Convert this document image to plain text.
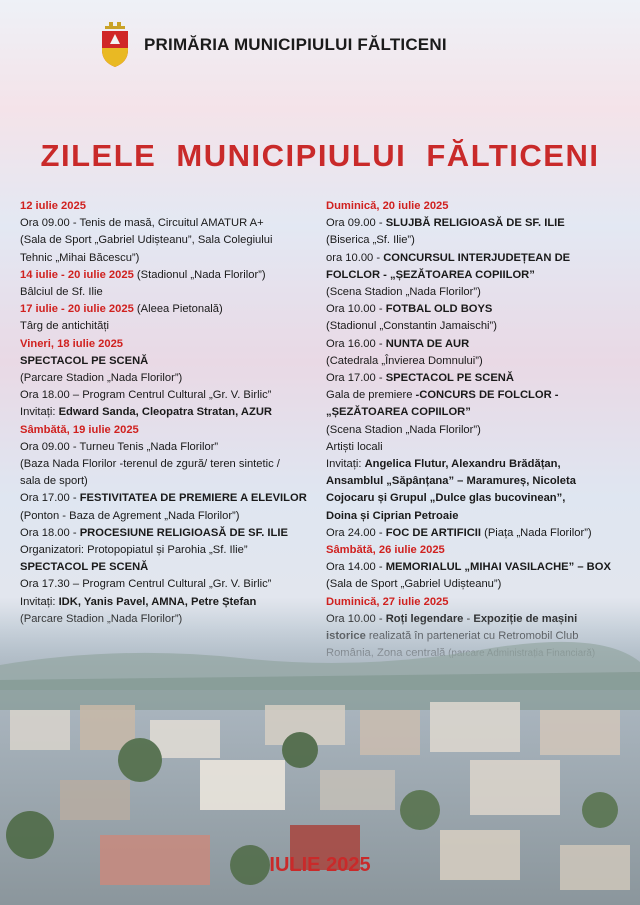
PRIMĂRIA MUNICIPIULUI FĂLTICENI
ZILELE MUNICIPIULUI FĂLTICENI
12 iulie 2025
Ora 09.00 - Tenis de masă, Circuitul AMATUR A+
(Sala de Sport „Gabriel Udișteanu”, Sala Colegiului
Tehnic „Mihai Băcescu”)
14 iulie - 20 iulie 2025 (Stadionul „Nada Florilor”)
Bâlciul de Sf. Ilie
17 iulie - 20 iulie 2025 (Aleea Pietonală)
Târg de antichități
Vineri, 18 iulie 2025
SPECTACOL PE SCENĂ
(Parcare Stadion „Nada Florilor”)
Ora 18.00 – Program Centrul Cultural „Gr. V. Birlic”
Invitați: Edward Sanda, Cleopatra Stratan, AZUR
Sâmbătă, 19 iulie 2025
Ora 09.00 - Turneu Tenis „Nada Florilor”
(Baza Nada Florilor -terenul de zgură/ teren sintetic /
sala de sport)
Ora 17.00 - FESTIVITATEA DE PREMIERE A ELEVILOR
(Ponton - Baza de Agrement „Nada Florilor”)
Ora 18.00 - PROCESIUNE RELIGIOASĂ DE SF. ILIE
Organizatori: Protopopiatul și Parohia „Sf. Ilie”
SPECTACOL PE SCENĂ
Ora 17.30 – Program Centrul Cultural „Gr. V. Birlic”
Invitați: IDK, Yanis Pavel, AMNA, Petre Ștefan
Duminică, 20 iulie 2025
Ora 09.00 - SLUJBĂ RELIGIOASĂ DE SF. ILIE
(Biserica „Sf. Ilie”)
ora 10.00 - CONCURSUL INTERJUDEȚEAN DE
FOLCLOR - „ȘEZĂTOAREA COPIILOR”
(Scena Stadion „Nada Florilor”)
Ora 10.00 - FOTBAL OLD BOYS
(Stadionul „Constantin Jamaischi”)
Ora 16.00 - NUNTA DE AUR
(Catedrala „Învierea Domnului”)
Ora 17.00 - SPECTACOL PE SCENĂ
Gala de premiere -CONCURS DE FOLCLOR -
„ȘEZĂTOAREA COPIILOR”
(Scena Stadion „Nada Florilor”)
Artiști locali
Invitați: Angelica Flutur, Alexandru Brădățan,
Ansamblul „Săpânțana” – Maramureș, Nicoleta
Cojocaru și Grupul „Dulce glas bucovinean”,
Doina și Ciprian Petroaie
Ora 24.00 - FOC DE ARTIFICII (Piața „Nada Florilor”)
Sâmbătă, 26 iulie 2025
Ora 14.00 - MEMORIALUL „MIHAI VASILACHE” – BOX
(Sala de Sport „Gabriel Udișteanu”)
Duminică, 27 iulie 2025
IULIE 2025
